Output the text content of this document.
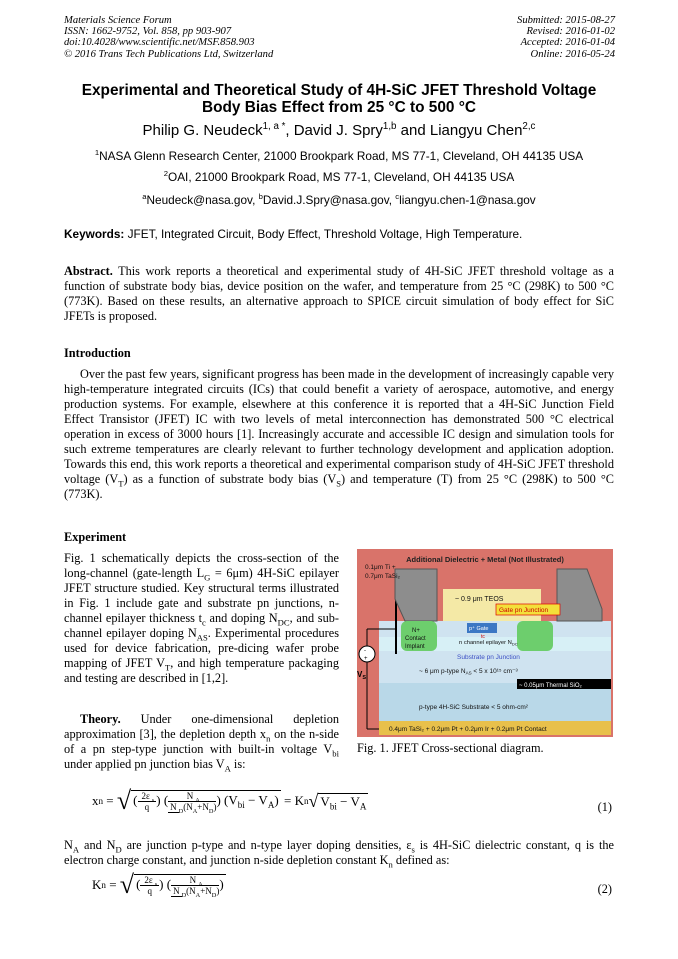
Materials Science Forum
ISSN: 1662-9752, Vol. 858, pp 903-907
doi:10.4028/www.scientific.net/MSF.858.903
© 2016 Trans Tech Publications Ltd, Switzerland
Submitted: 2015-08-27
Revised: 2016-01-02
Accepted: 2016-01-04
Online: 2016-05-24
Experimental and Theoretical Study of 4H-SiC JFET Threshold Voltage
Body Bias Effect from 25 °C to 500 °C
Philip G. Neudeck$^{1, a *}$, David J. Spry$^{1,b}$ and Liangyu Chen$^{2,c}$
$^1$NASA Glenn Research Center, 21000 Brookpark Road, MS 77-1, Cleveland, OH 44135 USA
$^2$OAI, 21000 Brookpark Road, MS 77-1, Cleveland, OH 44135 USA
$^a$Neudeck@nasa.gov, $^b$David.J.Spry@nasa.gov, $^c$liangyu.chen-1@nasa.gov
Keywords: JFET, Integrated Circuit, Body Effect, Threshold Voltage, High Temperature.
Abstract. This work reports a theoretical and experimental study of 4H-SiC JFET threshold voltage as a function of substrate body bias, device position on the wafer, and temperature from 25 °C (298K) to 500 °C (773K). Based on these results, an alternative approach to SPICE circuit simulation of body effect for SiC JFETs is proposed.
Introduction
Over the past few years, significant progress has been made in the development of increasingly capable very high-temperature integrated circuits (ICs) that could benefit a variety of aerospace, automotive, and energy production systems. For example, elsewhere at this conference it is reported that a 4H-SiC Junction Field Effect Transistor (JFET) IC with two levels of metal interconnection has demonstrated 500 °C electrical operation in excess of 3000 hours [1]. Increasingly accurate and accessible IC design and simulation tools for such extreme temperatures are clearly relevant to further technology development and application adoption. Towards this end, this work reports a theoretical and experimental comparison study of 4H-SiC JFET threshold voltage $(V_T)$ as a function of substrate body bias $(V_S)$ and temperature (T) from 25 °C (298K) to 500 °C (773K).
Experiment
Fig. 1 schematically depicts the cross-section of the long-channel (gate-length $L_G = 6\mu m$) 4H-SiC epilayer JFET structure studied. Key structural terms illustrated in Fig. 1 include gate and substrate pn junctions, n-channel epilayer thickness $t_c$ and doping $N_{DC}$, and sub-channel epilayer doping $N_{AS}$. Experimental procedures used for device fabrication, pre-dicing wafer probe mapping of JFET $V_T$, and high temperature packaging and testing are described in [1,2].
Theory. Under one-dimensional depletion approximation [3], the depletion depth $x_n$ on the n-side of a pn step-type junction with built-in voltage $V_{bi}$ under applied pn junction bias $V_A$ is:
Additional Dielectric + Metal (Not Illustrated)
0.1μm Ti +
0.7μm TaSi₂
~ 0.9 μm TEOS
Gate pn Junction
p⁺ Gate
N+
Contact
Implant
n channel epilayer $N_{DC}$
tc
Substrate pn Junction
~ 6 μm p-type $N_{AS} < 5$ x 10¹⁵ cm⁻³
~ 0.05μm Thermal SiO₂
p-type 4H-SiC Substrate < 5 ohm-cm²
0.4μm TaSi₂ + 0.2μm Pt + 0.2μm Ir + 0.2μm Pt Contact
-
+
$V_S$
Fig. 1. JFET Cross-sectional diagram.
x n = √ ( $\frac{2\varepsilon _s}{q}$ ) ( $\frac{N _A}{N _D(N_A+N_D)}$ ) $(V_{bi} - V_A) = K$ n √ $V_{bi} - V_A$	(1)
$N_A$ and $N_D$ are junction p-type and n-type layer doping densities, $\varepsilon_s$ is 4H-SiC dielectric constant, q is the electron charge constant, and junction n-side depletion constant $K_n$ defined as:
K n = √ ( $\frac{2\varepsilon _s}{q}$ ) ( $\frac{N _A}{N _D(N_A+N_D)}$ )	(2)
